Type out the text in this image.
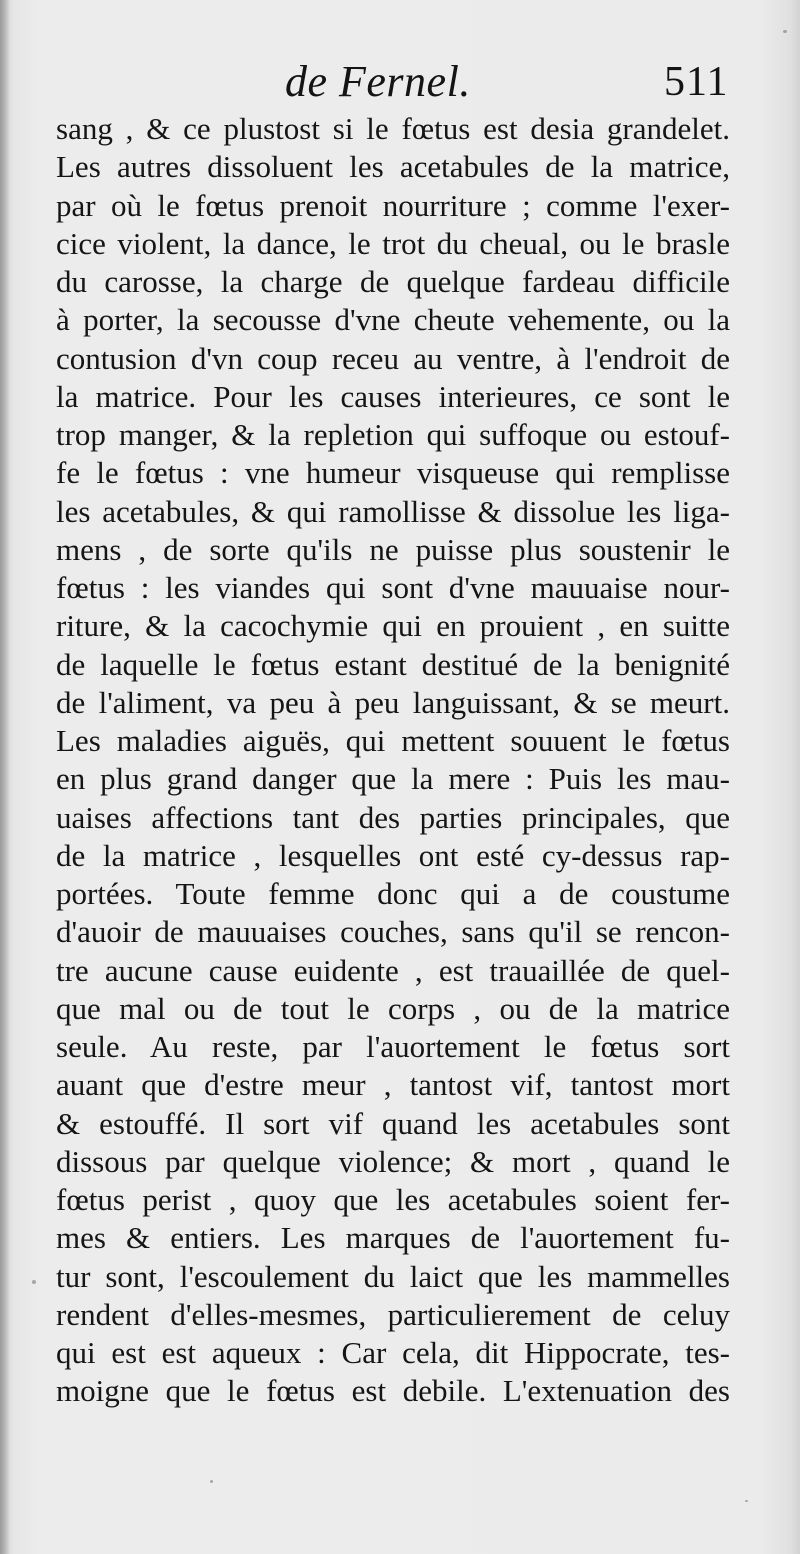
de Fernel.	511
sang , & ce plustost si le fœtus est desia grandelet.
Les autres dissoluent les acetabules de la matrice,
par où le fœtus prenoit nourriture ; comme l'exer-
cice violent, la dance, le trot du cheual, ou le brasle
du carosse, la charge de quelque fardeau difficile
à porter, la secousse d'vne cheute vehemente, ou la
contusion d'vn coup receu au ventre, à l'endroit de
la matrice. Pour les causes interieures, ce sont le
trop manger, & la repletion qui suffoque ou estouf-
fe le fœtus : vne humeur visqueuse qui remplisse
les acetabules, & qui ramollisse & dissolue les liga-
mens , de sorte qu'ils ne puisse plus soustenir le
fœtus : les viandes qui sont d'vne mauuaise nour-
riture, & la cacochymie qui en prouient , en suitte
de laquelle le fœtus estant destitué de la benignité
de l'aliment, va peu à peu languissant, & se meurt.
Les maladies aiguës, qui mettent souuent le fœtus
en plus grand danger que la mere : Puis les mau-
uaises affections tant des parties principales, que
de la matrice , lesquelles ont esté cy-dessus rap-
portées. Toute femme donc qui a de coustume
d'auoir de mauuaises couches, sans qu'il se rencon-
tre aucune cause euidente , est trauaillée de quel-
que mal ou de tout le corps , ou de la matrice
seule. Au reste, par l'auortement le fœtus sort
auant que d'estre meur , tantost vif, tantost mort
& estouffé. Il sort vif quand les acetabules sont
dissous par quelque violence; & mort , quand le
fœtus perist , quoy que les acetabules soient fer-
mes & entiers. Les marques de l'auortement fu-
tur sont, l'escoulement du laict que les mammelles
rendent d'elles-mesmes, particulierement de celuy
qui est est aqueux : Car cela, dit Hippocrate, tes-
moigne que le fœtus est debile. L'extenuation des
